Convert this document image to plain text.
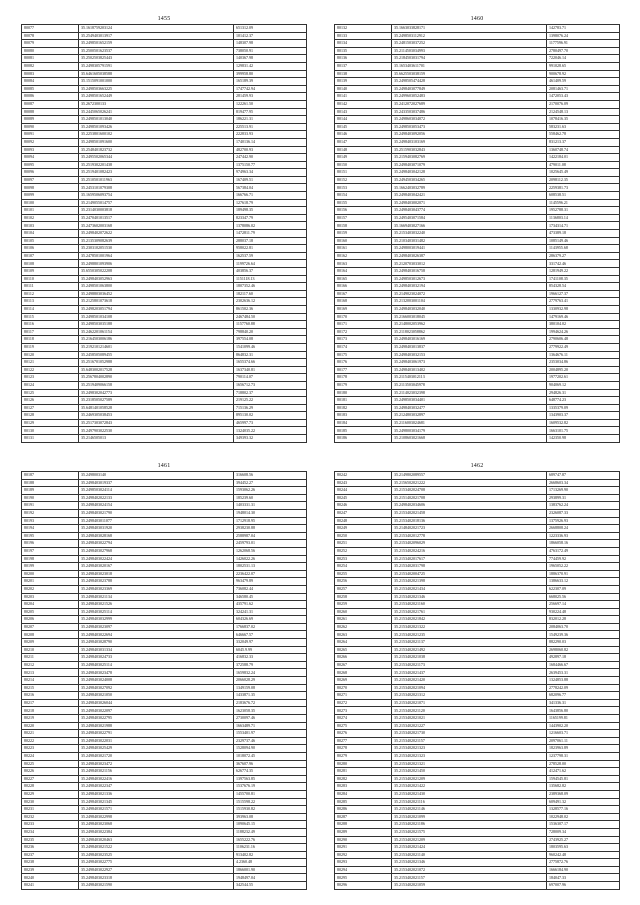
1455
80077	35.1618759203124	651312.09
80078	35.2549403013917	101412.37
80079	35.2498501652159	148307.98
80080	35.2500501623537	738050.91
80081	35.2502503825443	140367.98
80082	35.2498305791591	129831.42
80083	35.6461605038588	399958.80
80084	35.1515091001000	165189.39
80085	35.2498503663225	1747742.94
80086	35.2498501652449	281459.93
80087	35.2672300133	122261.50
80088	35.2445065026241	819477.95
80089	35.2498501013040	186221.31
80090	35.2498501093426	225513.91
80091	35.2253801600102	222833.93
80092	35.2498501091600	1740136.14
80093	35.2548401823732	482700.93
80094	35.2495502065344	247442.90
80095	35.2519302201438	1375150.77
80096	35.2519401082423	974963.34
80097	35.2510501011963	167409.51
80098	35.2453101079308	567384.04
80099	35.1659506093754	166766.71
80100	35.2149055014757	127618.79
80101	35.2314030003818	189498.35
80102	35.2470401013517	823347.79
80103	35.2473602003168	1378086.02
80104	35.2498402072622	1472811.79
80105	35.2135309082639	288037.18
80106	35.2303102051530	958022.81
80107	35.2478501001964	162537.59
80108	35.2498801093906	1199726.64
80109	35.6550305022208	403856.37
80110	35.2498403052963	1151118.13
80111	35.2498501063800	1807352.46
80112	35.2498803036452	182117.60
80113	35.2125801073618	2302636.12
80114	35.2498203051794	861502.36
80115	35.2498501034108	2467484.50
80116	35.2498503035188	1157760.88
80117	35.2462201061154	798840.20
80118	35.2164503006186	397554.08
80119	35.2192101214601	1541099.46
80120	35.2458505089455	864832.31
80121	35.2516701052988	1655374.66
80122	35.6483002017528	1637340.81
80123	35.2567804002890	790114.07
80124	35.2519409066158	1656712.73
80125	35.2498302042773	718802.37
80126	35.2318505027589	219125.22
80127	35.6481401058528	715136.29
80128	35.2469305038453	895130.02
80129	35.2517303072843	465997.73
80130	35.2497903022530	1324035.22
80131	35.2146505013	349393.32
1460
80132	35.1663033828171	142783.71
80133	35.2498503112912	1398076.24
80134	35.2481503037252	1177596.91
80135	35.2114503034993	2780497.70
80136	35.2184503031794	722046.14
80137	35.1653403611701	991028.65
80138	35.6625503038159	900678.92
80139	35.2498505474428	461409.59
80140	35.2498403077849	2081463.71
80141	35.2499603052483	1472053.43
80142	35.2412072027689	2170076.09
80143	35.2433503037486	2124548.13
80144	35.2498603034072	1078416.35
80145	35.2498503053473	583231.63
80146	35.2498403092056	558462.78
80147	35.2498403103169	831213.37
80148	35.2515903032843	1360748.74
80149	35.2159403082769	1422184.01
80150	35.2498403071079	479011.08
80151	35.2498403042128	1025645.49
80152	35.2494503034265	2098112.35
80153	35.1662403032789	2259381.73
80154	35.2498403042421	608538.51
80155	35.2498403002071	1145596.21
80156	35.2498403043774	1952788.31
80157	35.2495403071584	1136803.14
80158	35.1669403027166	1734314.71
80159	35.2153403032240	473389.18
80160	35.2103403031482	1085149.46
80161	35.2498003019441	1143955.68
80162	35.2498403026387	286379.27
80163	35.2120703033012	331742.46
80164	35.2498403016758	1281949.22
80165	35.2498503012673	1741108.35
80166	35.2498403032194	854328.54
80167	35.2149023024072	1966127.37
80168	35.2132003001104	2779763.41
80169	35.2498403032040	1330932.98
80170	35.2166003018045	1479169.46
80171	35.2148002053962	380104.02
80172	35.2118023058862	1994624.26
80173	35.2498403016169	2790606.48
80174	35.2498403013837	2779922.49
80175	35.2498403032153	1364676.11
80176	35.2498403061973	2353034.86
80177	35.2498403013402	2004895.20
80178	35.2115403012113	1977202.61
80179	35.2113503045978	904069.12
80180	35.2114023032398	294826.31
80181	35.2498503034401	648774.23
80182	35.2498403032477	1335379.09
80183	35.2124803032897	1343903.37
80184	35.2116003024681	1609532.82
80185	35.2498003034179	1663101.75
80186	35.2108603021668	142350.98
1461
80187	35.2498003140	316608.56
80188	35.2498403019337	394452.27
80189	35.2498503024114	1593062.26
80190	35.2498402022133	185239.60
80191	35.2498403024154	1403331.31
80192	35.2498403021790	1948014.30
80193	35.2498403011077	1712918.95
80194	35.2498403031920	2938230.88
80195	35.2498403028168	2588987.04
80196	35.2498403022794	2459793.01
80197	35.2498403027968	1262068.56
80198	35.2498403022424	1426022.26
80199	35.2498403020167	1802531.13
80200	35.2498403023018	2236422.07
80201	35.2498403023788	963479.89
80202	35.2498403023369	736082.44
80203	35.2498403021134	346580.45
80204	35.2498403021526	435791.62
80205	35.2498403025114	324241.31
80206	35.2498403032999	604326.69
80207	35.2498403023097	1766837.02
80208	35.2498403022694	646667.57
80209	35.2498403028790	332049.97
80210	35.2498403031334	6045.9.99
80211	35.2498403024733	416832.33
80212	35.2498403025114	372588.79
80213	35.2498403023478	1659832.24
80214	35.2498403024008	2066028.29
80215	35.2498403027092	1349159.08
80216	35.2498403021050	1433871.35
80217	35.2498403026044	2183676.72
80218	35.2498403022097	1623058.35
80219	35.2498403022795	2730097.46
80220	35.2498403021988	1663489.71
80221	35.2498403022791	1553401.97
80222	35.2498403022031	2329737.46
80223	35.2498403025429	1528094.90
80224	35.2498403021720	1018072.45
80225	35.2498403023472	367607.96
80226	35.2498403021156	626774.35
80227	35.2498403022416	1397563.85
80228	35.2498403022347	1537676.19
80229	35.2498403021336	1455700.81
80230	35.2498403021345	1515598.22
80231	35.2498403021571	1515930.82
80232	35.2498403022998	393963.08
80233	35.2498403023068	1090645.15
80234	35.2498403022384	1188232.49
80235	35.2498403020463	1655222.76
80236	35.2498403021522	1106231.16
80237	35.2498403023525	913402.82
80238	35.2498403022775	4.2360.48
80239	35.2498403022927	1866001.90
80240	35.2498403023318	1948497.04
80241	35.2498403021590	342544.55
1462
80242	35.2149802089557	689747.87
80243	35.2156502021222	2668603.34
80244	35.2153402024708	1713269.90
80245	35.2151402021708	293899.31
80246	35.2498402034606	1383762.24
80247	35.2153402021458	2326087.33
80248	35.2153402018136	1375926.93
80249	35.2148402021723	2668808.24
80250	35.2153402012778	1223336.93
80251	35.2153402096029	1866058.16
80252	35.2153402024216	4763172.49
80253	35.2153402017617	774459.92
80254	35.2153402031798	1965052.22
80255	35.2153402004725	1886370.91
80256	35.2153402021398	1386633.12
80257	35.2153402021434	622307.09
80258	35.2153402021346	668025.56
80259	35.2153402021160	256697.14
80260	35.2153402021761	930224.48
80261	35.2153402021842	832012.28
80262	35.2153402021322	2084063.70
80263	35.2153402021235	1549239.36
80264	35.2153402021137	882290.03
80265	35.2153402021492	2698060.82
80266	35.2153402021038	492897.18
80267	35.2153402021173	1684466.67
80268	35.2153402021437	2639453.31
80269	35.2153402021420	1324853.88
80270	35.2153402021094	2778242.09
80271	35.2153402021312	682096.77
80272	35.2153402021071	341336.31
80273	35.2153402021120	1643856.80
80274	35.2153402021021	1165199.81
80275	35.2153402021227	1443902.20
80276	35.2153402021730	1216603.71
80277	35.2153402021157	2097061.11
80278	35.2153402021323	1823963.89
80279	35.2153402021323	1237798.31
80280	35.2153402021321	278528.00
80281	35.2153402021450	412471.62
80282	35.2153402021209	1594545.81
80283	35.2153402021422	135682.82
80284	35.2153402021430	2389368.09
80285	35.2153402021116	609491.32
80286	35.2153402021146	1328577.16
80287	35.2153402021099	1022948.02
80288	35.2153402021186	1536307.17
80289	35.2153402021575	728009.34
80290	35.2153402021209	2743925.27
80291	35.2153402021424	1803595.63
80292	35.2153402021140	960242.48
80293	35.2153402021346	2775872.76
80294	35.2153402021072	1666184.90
80295	35.2153402021157	184047.33
80296	35.2153402021059	697007.96
